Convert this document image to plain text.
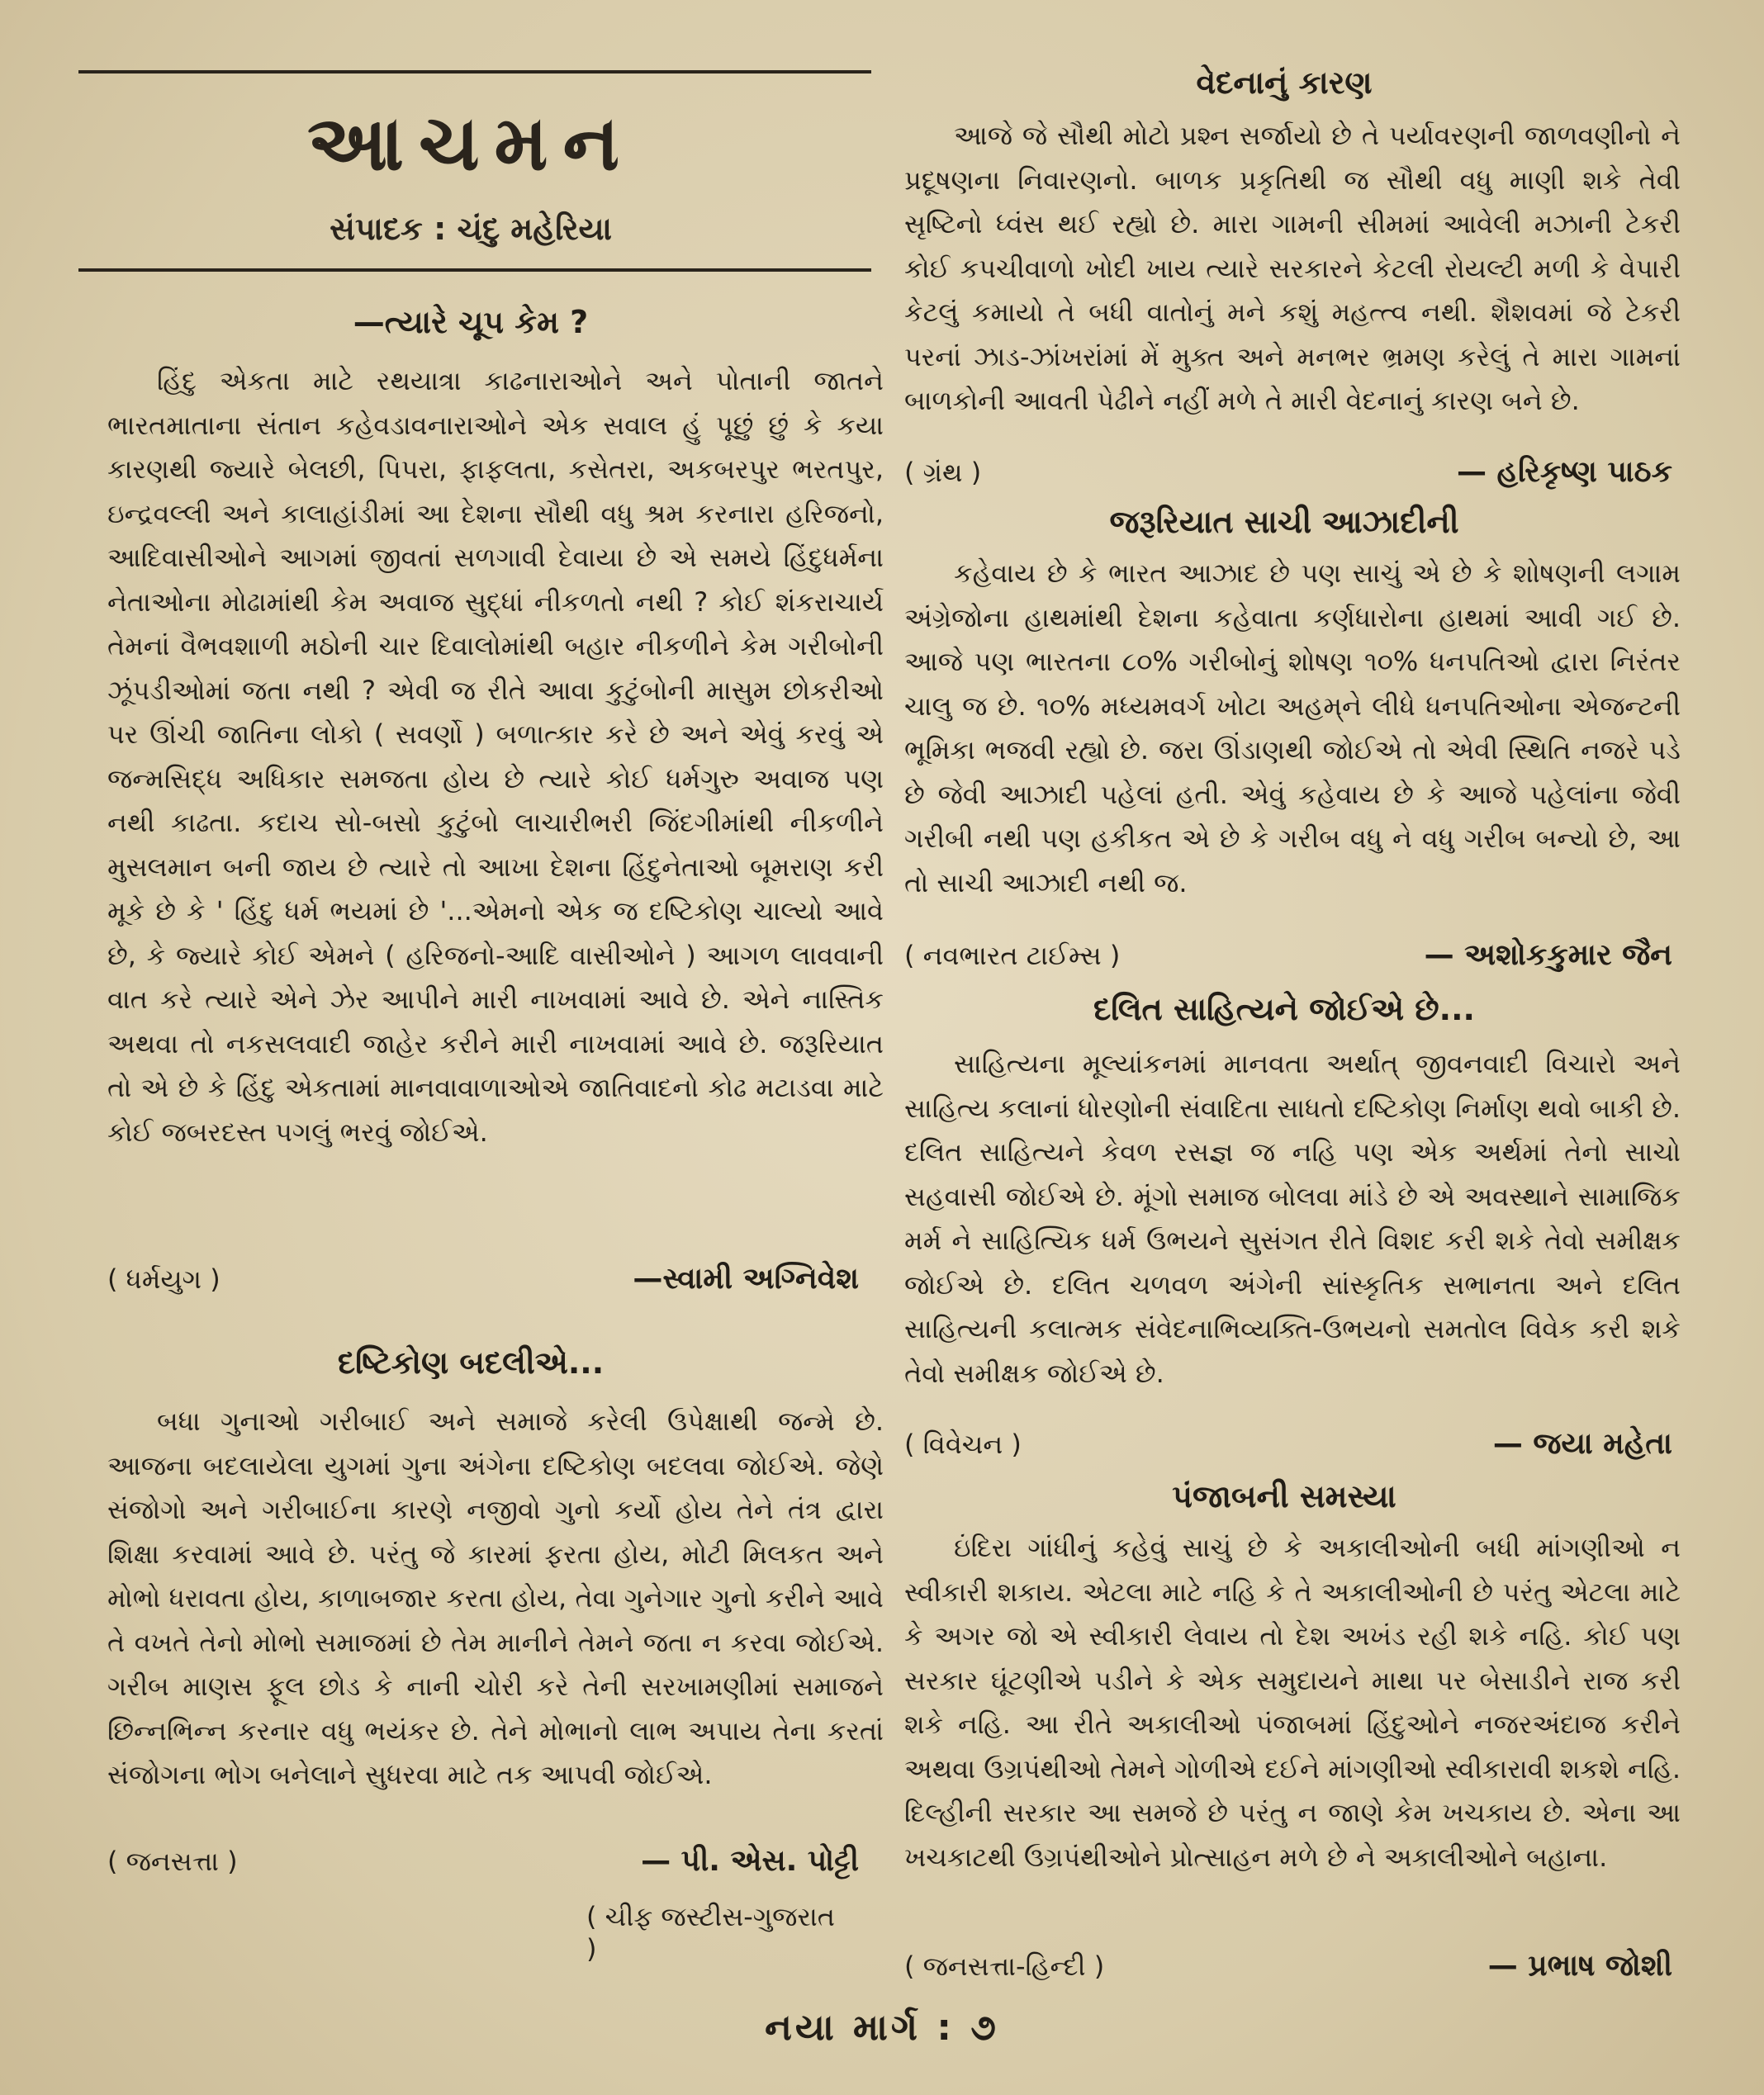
આચમન
સંપાદક : ચંદુ મહેરિયા
—ત્યારે ચૂપ કેમ ?

હિંદુ એકતા માટે રથયાત્રા કાઢનારાઓને અને પોતાની જાતને ભારતમાતાના સંતાન કહેવડાવનારાઓને એક સવાલ હું પૂછું છું કે કયા કારણથી જ્યારે બેલછી, પિપરા, ફાફલતા, કસેતરા, અકબરપુર ભરતપુર, ઇન્દ્રવલ્લી અને કાલાહાંડીમાં આ દેશના સૌથી વધુ શ્રમ કરનારા હરિજનો, આદિવાસીઓને આગમાં જીવતાં સળગાવી દેવાયા છે એ સમયે હિંદુધર્મના નેતાઓના મોઢામાંથી કેમ અવાજ સુદ્ધાં નીકળતો નથી ? કોઈ શંકરાચાર્ય તેમનાં વૈભવશાળી મઠોની ચાર દિવાલોમાંથી બહાર નીકળીને કેમ ગરીબોની ઝૂંપડીઓમાં જતા નથી ? એવી જ રીતે આવા કુટુંબોની માસુમ છોકરીઓ પર ઊંચી જાતિના લોકો ( સવર્ણો ) બળાત્કાર કરે છે અને એવું કરવું એ જન્મસિદ્ધ અધિકાર સમજતા હોય છે ત્યારે કોઈ ધર્મગુરુ અવાજ પણ નથી કાઢતા. કદાચ સો-બસો કુટુંબો લાચારીભરી જિંદગીમાંથી નીકળીને મુસલમાન બની જાય છે ત્યારે તો આખા દેશના હિંદુનેતાઓ બૂમરાણ કરી મૂકે છે કે ' હિંદુ ધર્મ ભયમાં છે '...એમનો એક જ દષ્ટિકોણ ચાલ્યો આવે છે, કે જ્યારે કોઈ એમને ( હરિજનો-આદિ વાસીઓને ) આગળ લાવવાની વાત કરે ત્યારે એને ઝેર આપીને મારી નાખવામાં આવે છે. એને નાસ્તિક અથવા તો નકસલવાદી જાહેર કરીને મારી નાખવામાં આવે છે. જરૂરિયાત તો એ છે કે હિંદુ એકતામાં માનવાવાળાઓએ જાતિવાદનો કોઢ મટાડવા માટે કોઈ જબરદસ્ત પગલું ભરવું જોઈએ.

( ધર્મયુગ )	—સ્વામી અગ્નિવેશ

દષ્ટિકોણ બદલીએ...

બધા ગુનાઓ ગરીબાઈ અને સમાજે કરેલી ઉપેક્ષાથી જન્મે છે. આજના બદલાયેલા યુગમાં ગુના અંગેના દષ્ટિકોણ બદલવા જોઈએ. જેણે સંજોગો અને ગરીબાઈના કારણે નજીવો ગુનો કર્યો હોય તેને તંત્ર દ્વારા શિક્ષા કરવામાં આવે છે. પરંતુ જે કારમાં ફરતા હોય, મોટી મિલકત અને મોભો ધરાવતા હોય, કાળાબજાર કરતા હોય, તેવા ગુનેગાર ગુનો કરીને આવે તે વખતે તેનો મોભો સમાજમાં છે તેમ માનીને તેમને જતા ન કરવા જોઈએ. ગરીબ માણસ ફૂલ છોડ કે નાની ચોરી કરે તેની સરખામણીમાં સમાજને છિન્નભિન્ન કરનાર વધુ ભયંકર છે. તેને મોભાનો લાભ અપાય તેના કરતાં સંજોગના ભોગ બનેલાને સુધરવા માટે તક આપવી જોઈએ.

( જનસત્તા )	— પી. એસ. પોટ્ટી

( ચીફ જસ્ટીસ-ગુજરાત )

વેદનાનું કારણ

આજે જે સૌથી મોટો પ્રશ્ન સર્જાયો છે તે પર્યાવરણની જાળવણીનો ને પ્રદૂષણના નિવારણનો. બાળક પ્રકૃતિથી જ સૌથી વધુ માણી શકે તેવી સૃષ્ટિનો ધ્વંસ થઈ રહ્યો છે. મારા ગામની સીમમાં આવેલી મઝાની ટેકરી કોઈ કપચીવાળો ખોદી ખાય ત્યારે સરકારને કેટલી રોયલ્ટી મળી કે વેપારી કેટલું કમાયો તે બધી વાતોનું મને કશું મહત્ત્વ નથી. શૈશવમાં જે ટેકરી પરનાં ઝાડ-ઝાંખરાંમાં મેં મુક્ત અને મનભર ભ્રમણ કરેલું તે મારા ગામનાં બાળકોની આવતી પેઢીને નહીં મળે તે મારી વેદનાનું કારણ બને છે.

( ગ્રંથ )	— હરિકૃષ્ણ પાઠક

જરૂરિયાત સાચી આઝાદીની

કહેવાય છે કે ભારત આઝાદ છે પણ સાચું એ છે કે શોષણની લગામ અંગ્રેજોના હાથમાંથી દેશના કહેવાતા કર્ણધારોના હાથમાં આવી ગઈ છે. આજે પણ ભારતના ૮૦% ગરીબોનું શોષણ ૧૦% ધનપતિઓ દ્વારા નિરંતર ચાલુ જ છે. ૧૦% મધ્યમવર્ગ ખોટા અહમ્‌ને લીધે ધનપતિઓના એજન્ટની ભૂમિકા ભજવી રહ્યો છે. જરા ઊંડાણથી જોઈએ તો એવી સ્થિતિ નજરે પડે છે જેવી આઝાદી પહેલાં હતી. એવું કહેવાય છે કે આજે પહેલાંના જેવી ગરીબી નથી પણ હકીકત એ છે કે ગરીબ વધુ ને વધુ ગરીબ બન્યો છે, આ તો સાચી આઝાદી નથી જ.

( નવભારત ટાઈમ્સ )	— અશોકકુમાર જૈન

દલિત સાહિત્યને જોઈએ છે...

સાહિત્યના મૂલ્યાંકનમાં માનવતા અર્થાત્ જીવનવાદી વિચારો અને સાહિત્ય કલાનાં ધોરણોની સંવાદિતા સાધતો દષ્ટિકોણ નિર્માણ થવો બાકી છે. દલિત સાહિત્યને કેવળ રસજ્ઞ જ નહિ પણ એક અર્થમાં તેનો સાચો સહવાસી જોઈએ છે. મૂંગો સમાજ બોલવા માંડે છે એ અવસ્થાને સામાજિક મર્મ ને સાહિત્યિક ધર્મ ઉભયને સુસંગત રીતે વિશદ કરી શકે તેવો સમીક્ષક જોઈએ છે. દલિત ચળવળ અંગેની સાંસ્કૃતિક સભાનતા અને દલિત સાહિત્યની કલાત્મક સંવેદનાભિવ્યક્તિ-ઉભયનો સમતોલ વિવેક કરી શકે તેવો સમીક્ષક જોઈએ છે.

( વિવેચન )	— જયા મહેતા

પંજાબની સમસ્યા

ઇંદિરા ગાંધીનું કહેવું સાચું છે કે અકાલીઓની બધી માંગણીઓ ન સ્વીકારી શકાય. એટલા માટે નહિ કે તે અકાલીઓની છે પરંતુ એટલા માટે કે અગર જો એ સ્વીકારી લેવાય તો દેશ અખંડ રહી શકે નહિ. કોઈ પણ સરકાર ઘૂંટણીએ પડીને કે એક સમુદાયને માથા પર બેસાડીને રાજ કરી શકે નહિ. આ રીતે અકાલીઓ પંજાબમાં હિંદુઓને નજરઅંદાજ કરીને અથવા ઉગ્રપંથીઓ તેમને ગોળીએ દઈને માંગણીઓ સ્વીકારાવી શકશે નહિ. દિલ્હીની સરકાર આ સમજે છે પરંતુ ન જાણે કેમ ખચકાય છે. એના આ ખચકાટથી ઉગ્રપંથીઓને પ્રોત્સાહન મળે છે ને અકાલીઓને બહાના.

( જનસત્તા-હિન્દી )	— પ્રભાષ જોશી

નયા માર્ગ : ૭
